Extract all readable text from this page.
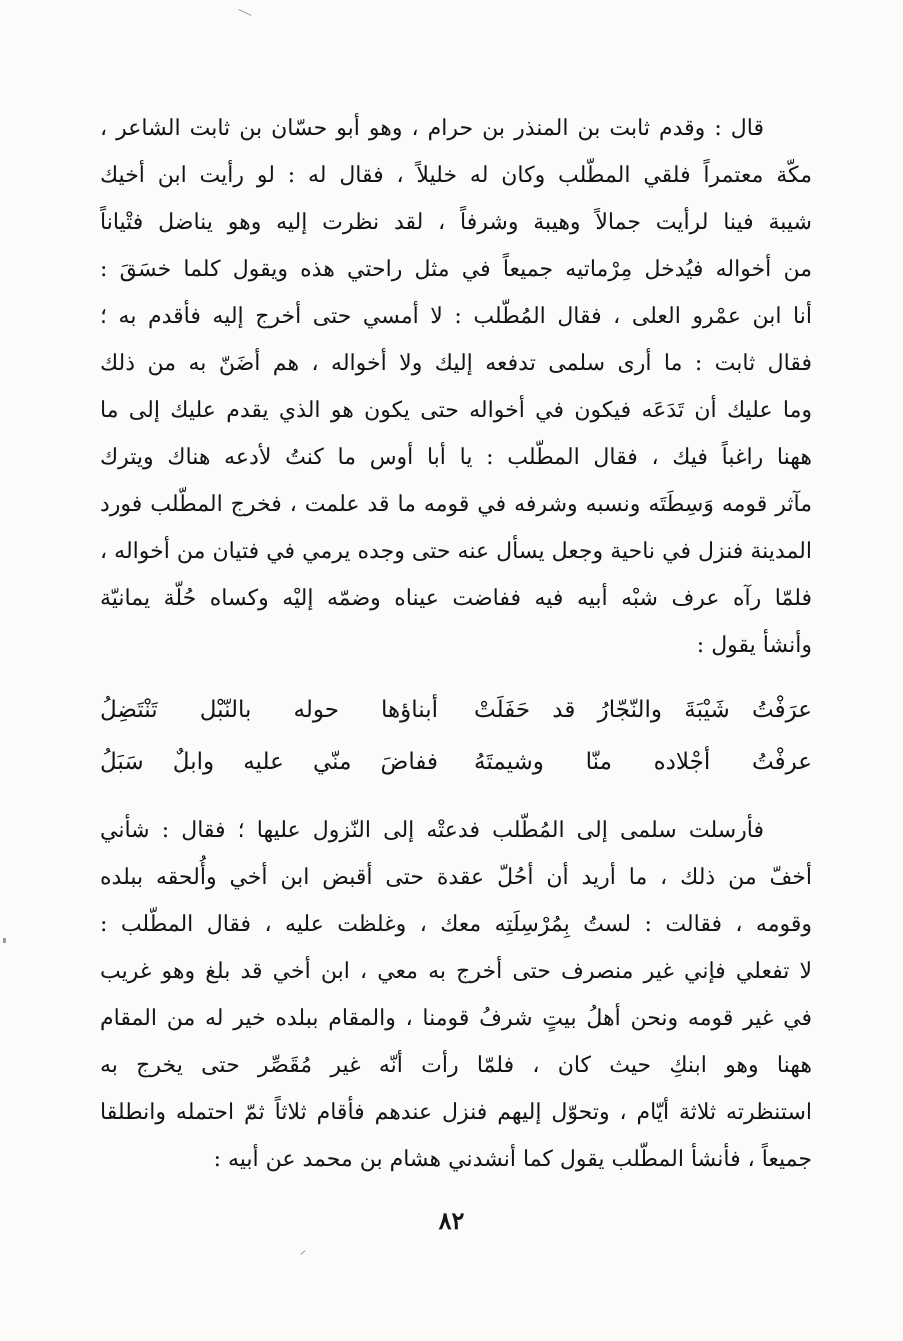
قال : وقدم ثابت بن المنذر بن حرام ، وهو أبو حسّان بن ثابت الشاعر ،
مكّة معتمراً فلقي المطّلب وكان له خليلاً ، فقال له : لو رأيت ابن أخيك
شيبة فينا لرأيت جمالاً وهيبة وشرفاً ، لقد نظرت إليه وهو يناضل فتْياناً
من أخواله فيُدخل مِرْماتيه جميعاً في مثل راحتي هذه ويقول كلما خسَقَ :
أنا ابن عمْرو العلى ، فقال المُطّلب : لا أمسي حتى أخرج إليه فأقدم به ؛
فقال ثابت : ما أرى سلمى تدفعه إليك ولا أخواله ، هم أضَنّ به من ذلك
وما عليك أن تَدَعَه فيكون في أخواله حتى يكون هو الذي يقدم عليك إلى ما
ههنا راغباً فيك ، فقال المطّلب : يا أبا أوس ما كنتُ لأدعه هناك ويترك
مآثر قومه وَسِطَتَه ونسبه وشرفه في قومه ما قد علمت ، فخرج المطّلب فورد
المدينة فنزل في ناحية وجعل يسأل عنه حتى وجده يرمي في فتيان من أخواله ،
فلمّا رآه عرف شبْه أبيه فيه ففاضت عيناه وضمّه إليْه وكساه حُلّة يمانيّة
وأنشأ يقول :
عرَفْتُ شَيْبَةَ والنّجّارُ قد حَفَلَتْ
أبناؤها حوله بالنّبْل تَنْتَضِلُ
عرفْتُ أجْلاده منّا وشيمتَهُ
ففاضَ منّي عليه وابلٌ سَبَلُ
فأرسلت سلمى إلى المُطّلب فدعتْه إلى النّزول عليها ؛ فقال : شأني
أخفّ من ذلك ، ما أريد أن أحُلّ عقدة حتى أقبض ابن أخي وأُلحقه ببلده
وقومه ، فقالت : لستُ بِمُرْسِلَتِه معك ، وغلظت عليه ، فقال المطّلب :
لا تفعلي فإني غير منصرف حتى أخرج به معي ، ابن أخي قد بلغ وهو غريب
في غير قومه ونحن أهلُ بيتٍ شرفُ قومنا ، والمقام ببلده خير له من المقام
ههنا وهو ابنكِ حيث كان ، فلمّا رأت أنّه غير مُقَصِّر حتى يخرج به
استنظرته ثلاثة أيّام ، وتحوّل إليهم فنزل عندهم فأقام ثلاثاً ثمّ احتمله وانطلقا
جميعاً ، فأنشأ المطّلب يقول كما أنشدني هشام بن محمد عن أبيه :
٨٢
